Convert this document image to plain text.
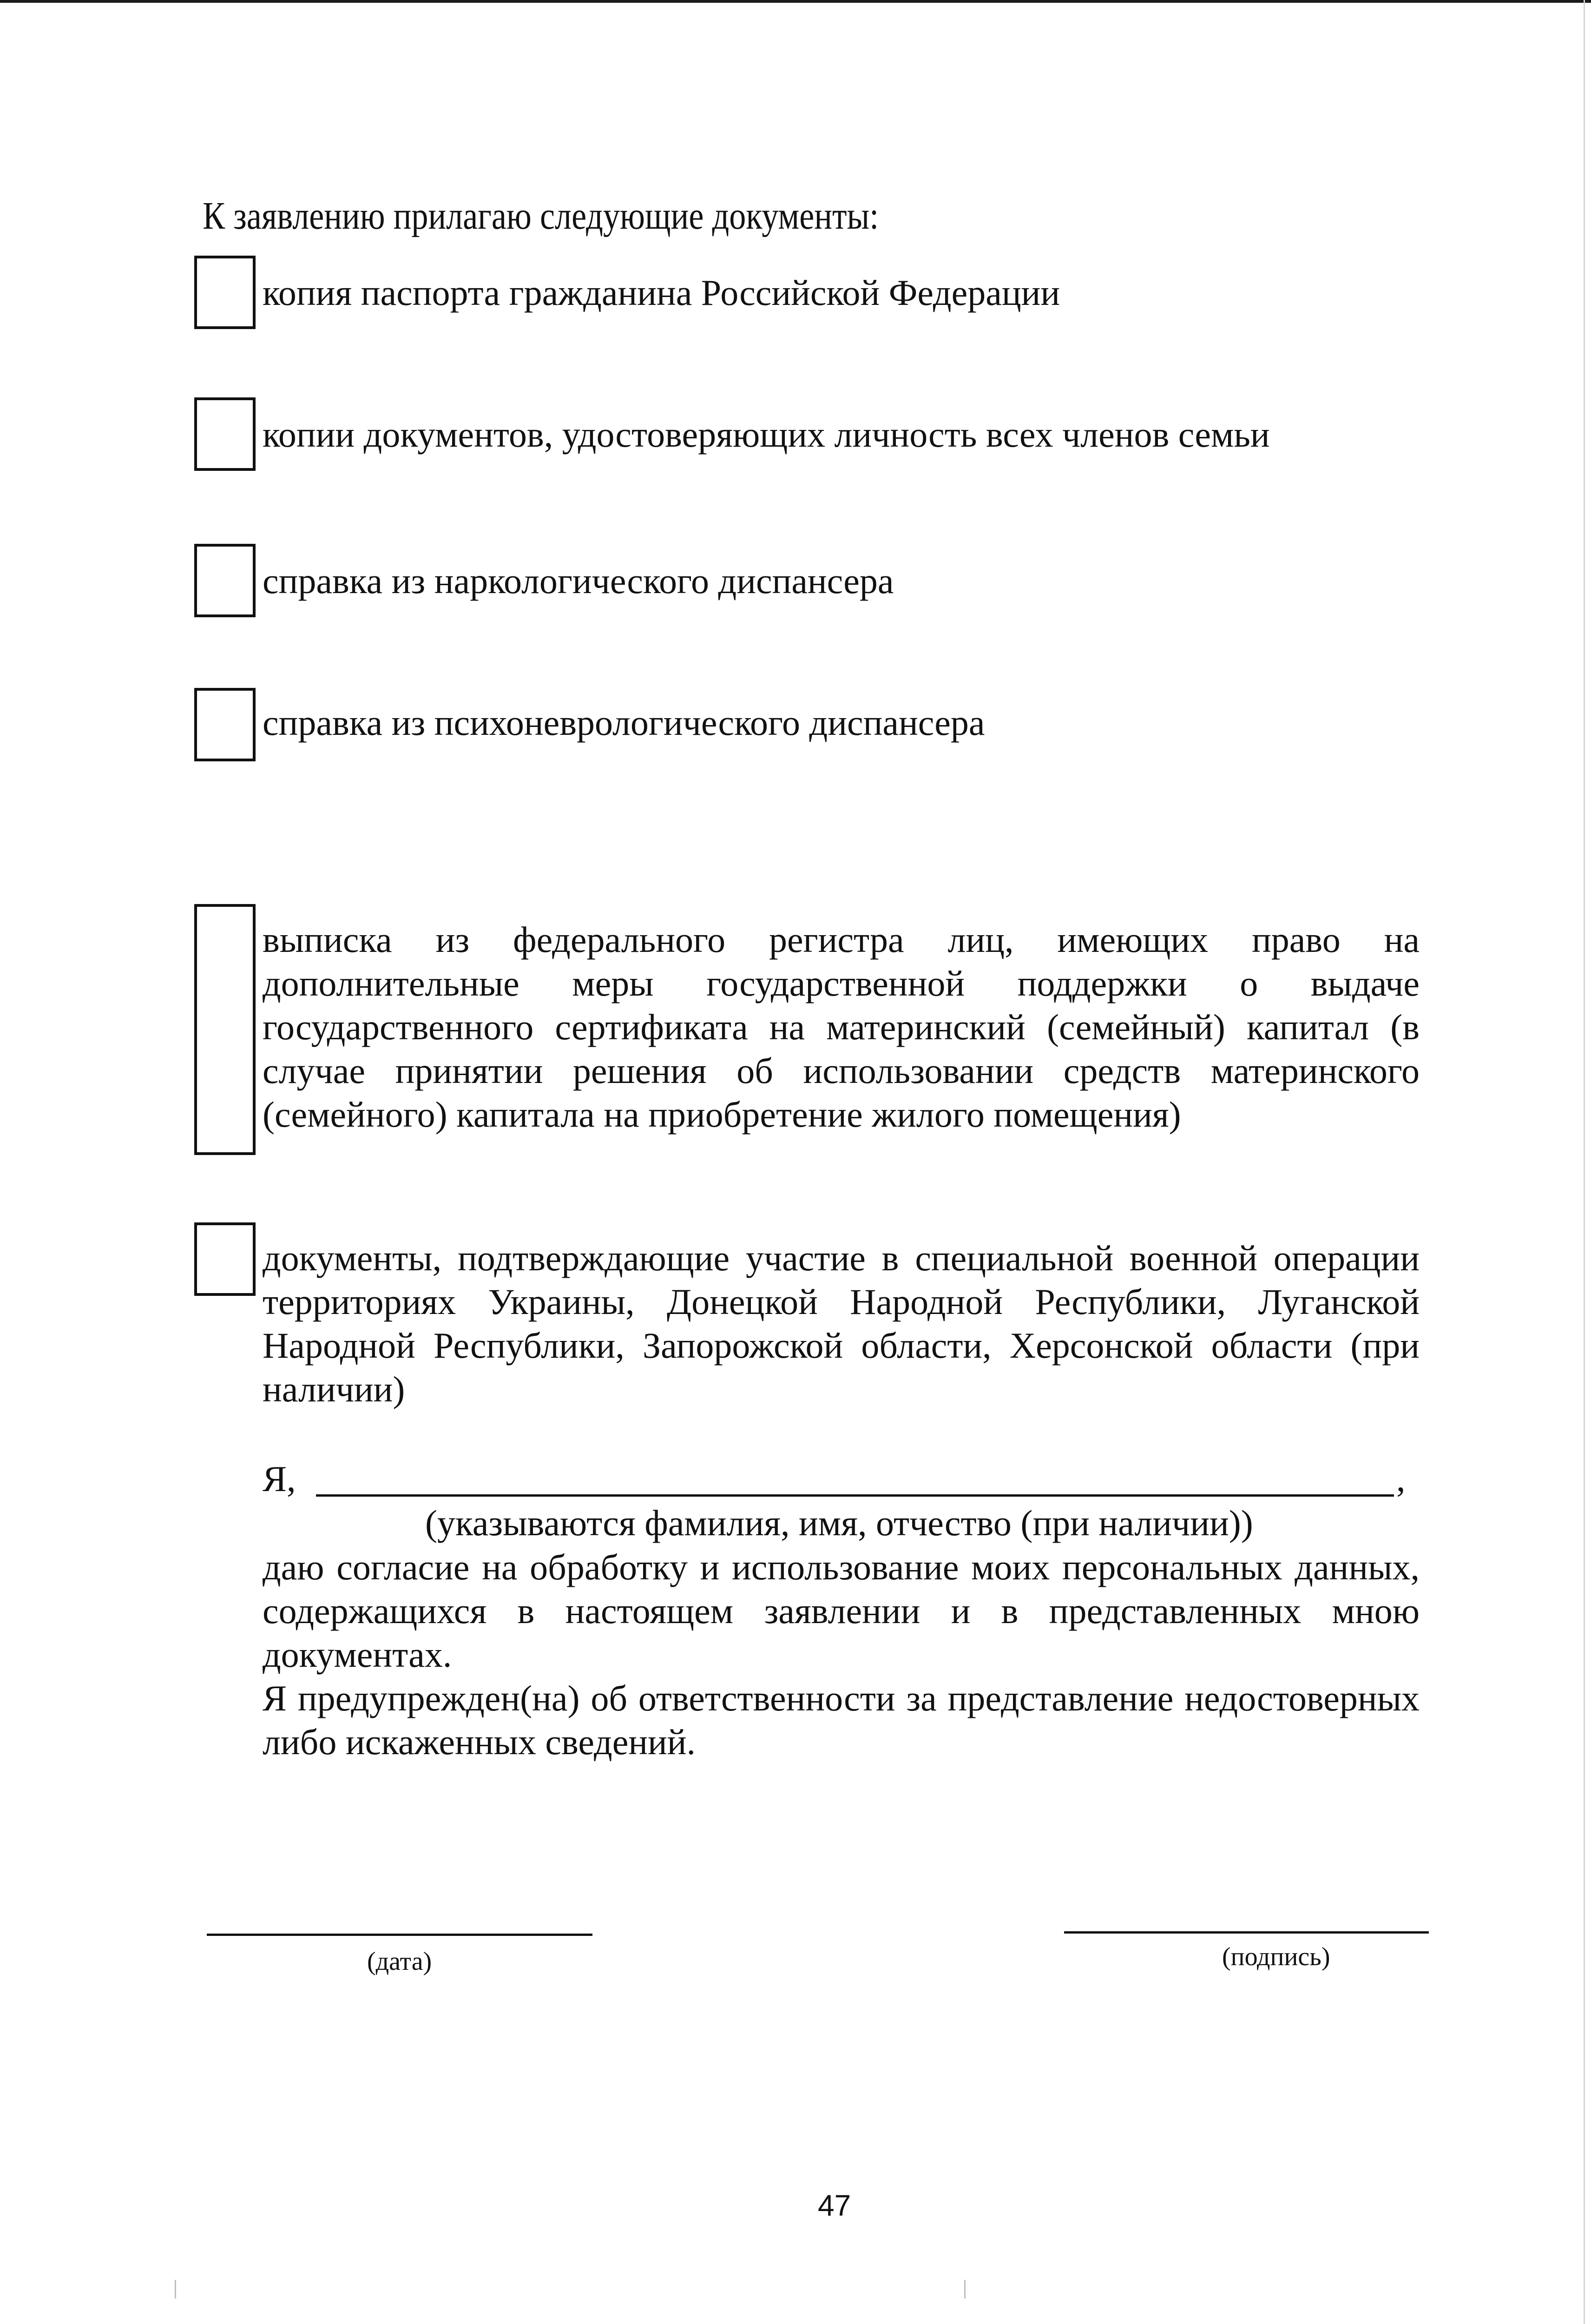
К заявлению прилагаю следующие документы:
копия паспорта гражданина Российской Федерации
копии документов, удостоверяющих личность всех членов семьи
справка из наркологического диспансера
справка из психоневрологического диспансера
выписка из федерального регистра лиц, имеющих право на
дополнительные меры государственной поддержки о выдаче
государственного сертификата на материнский (семейный) капитал (в
случае принятии решения об использовании средств материнского
(семейного) капитала на приобретение жилого помещения)
документы, подтверждающие участие в специальной военной операции
территориях Украины, Донецкой Народной Республики, Луганской
Народной Республики, Запорожской области, Херсонской области (при
наличии)
Я,	,
(указываются фамилия, имя, отчество (при наличии))
даю согласие на обработку и использование моих персональных данных,
содержащихся в настоящем заявлении и в представленных мною
документах.
Я предупрежден(на) об ответственности за представление недостоверных
либо искаженных сведений.
(дата)	(подпись)
47
